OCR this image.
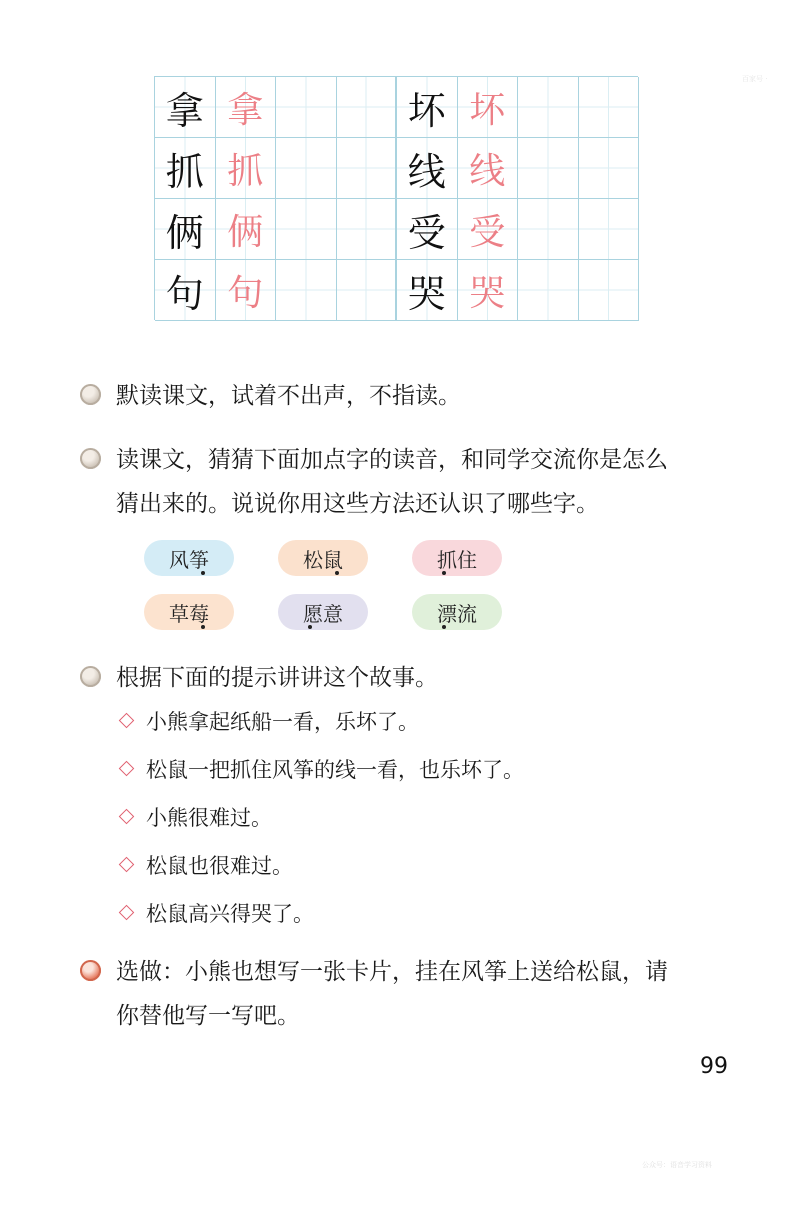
百家号 ·
拿 拿	坏 坏
抓 抓	线 线
俩 俩	受 受
句 句	哭 哭
默读课文，试着不出声，不指读。
读课文，猜猜下面加点字的读音，和同学交流你是怎么
猜出来的。说说你用这些方法还认识了哪些字。
风筝	松鼠	抓住
草莓	愿意	漂流
根据下面的提示讲讲这个故事。
小熊拿起纸船一看，乐坏了。
松鼠一把抓住风筝的线一看，也乐坏了。
小熊很难过。
松鼠也很难过。
松鼠高兴得哭了。
选做：小熊也想写一张卡片，挂在风筝上送给松鼠，请
你替他写一写吧。
99
公众号：语音学习资料
